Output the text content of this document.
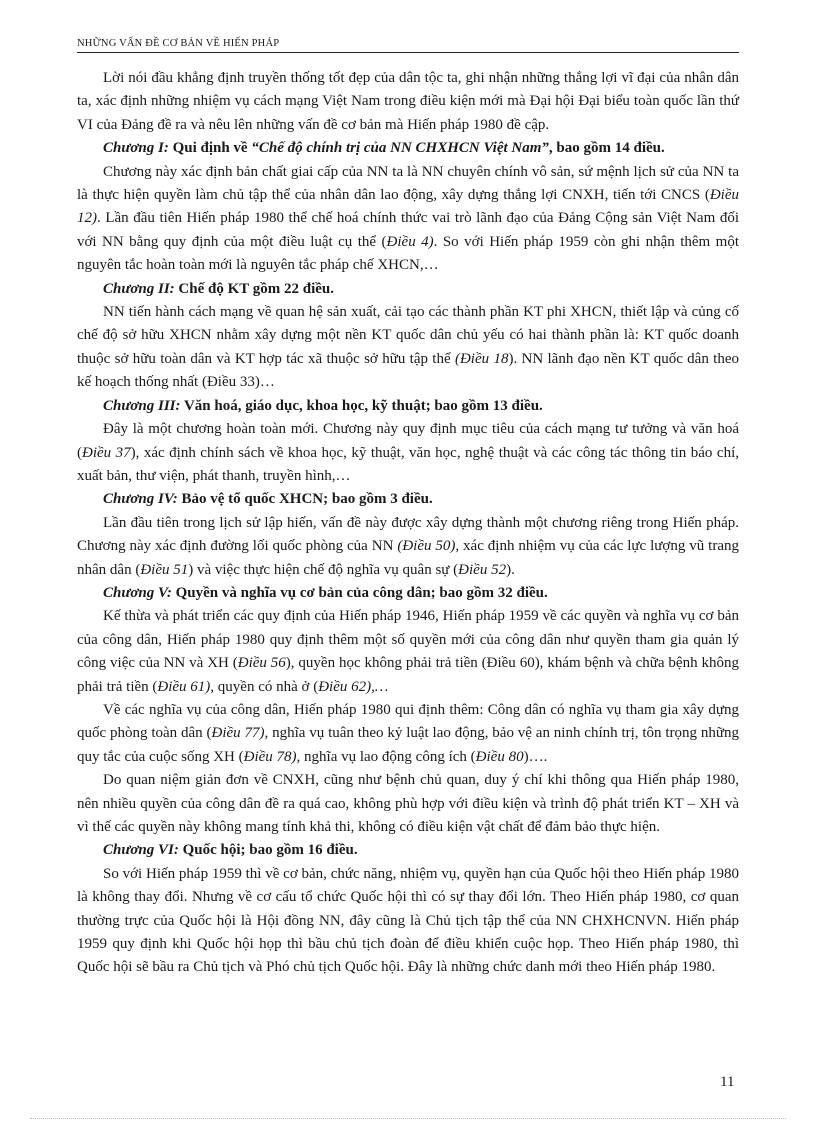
NHỮNG VẤN ĐỀ CƠ BẢN VỀ HIẾN PHÁP

Lời nói đầu khẳng định truyền thống tốt đẹp của dân tộc ta, ghi nhận những thắng lợi vĩ đại của nhân dân ta, xác định những nhiệm vụ cách mạng Việt Nam trong điều kiện mới mà Đại hội Đại biểu toàn quốc lần thứ VI của Đảng đề ra và nêu lên những vấn đề cơ bản mà Hiến pháp 1980 đề cập.

Chương I: Qui định về “Chế độ chính trị của NN CHXHCN Việt Nam”, bao gồm 14 điều.

Chương này xác định bản chất giai cấp của NN ta là NN chuyên chính vô sản, sứ mệnh lịch sử của NN ta là thực hiện quyền làm chủ tập thể của nhân dân lao động, xây dựng thắng lợi CNXH, tiến tới CNCS (Điều 12). Lần đầu tiên Hiến pháp 1980 thể chế hoá chính thức vai trò lãnh đạo của Đảng Cộng sản Việt Nam đối với NN bằng quy định của một điều luật cụ thể (Điều 4). So với Hiến pháp 1959 còn ghi nhận thêm một nguyên tắc hoàn toàn mới là nguyên tắc pháp chế XHCN,…

Chương II: Chế độ KT gồm 22 điều.

NN tiến hành cách mạng về quan hệ sản xuất, cải tạo các thành phần KT phi XHCN, thiết lập và củng cố chế độ sở hữu XHCN nhằm xây dựng một nền KT quốc dân chủ yếu có hai thành phần là: KT quốc doanh thuộc sở hữu toàn dân và KT hợp tác xã thuộc sở hữu tập thể (Điều 18). NN lãnh đạo nền KT quốc dân theo kế hoạch thống nhất (Điều 33)…

Chương III: Văn hoá, giáo dục, khoa học, kỹ thuật; bao gồm 13 điều.

Đây là một chương hoàn toàn mới. Chương này quy định mục tiêu của cách mạng tư tưởng và văn hoá (Điều 37), xác định chính sách về khoa học, kỹ thuật, văn học, nghệ thuật và các công tác thông tin báo chí, xuất bản, thư viện, phát thanh, truyền hình,…

Chương IV: Bảo vệ tổ quốc XHCN; bao gồm 3 điều.

Lần đầu tiên trong lịch sử lập hiến, vấn đề này được xây dựng thành một chương riêng trong Hiến pháp. Chương này xác định đường lối quốc phòng của NN (Điều 50), xác định nhiệm vụ của các lực lượng vũ trang nhân dân (Điều 51) và việc thực hiện chế độ nghĩa vụ quân sự (Điều 52).

Chương V: Quyền và nghĩa vụ cơ bản của công dân; bao gồm 32 điều.

Kế thừa và phát triển các quy định của Hiến pháp 1946, Hiến pháp 1959 về các quyền và nghĩa vụ cơ bản của công dân, Hiến pháp 1980 quy định thêm một số quyền mới của công dân như quyền tham gia quản lý công việc của NN và XH (Điều 56), quyền học không phải trả tiền (Điều 60), khám bệnh và chữa bệnh không phải trả tiền (Điều 61), quyền có nhà ở (Điều 62),…

Về các nghĩa vụ của công dân, Hiến pháp 1980 qui định thêm: Công dân có nghĩa vụ tham gia xây dựng quốc phòng toàn dân (Điều 77), nghĩa vụ tuân theo kỷ luật lao động, bảo vệ an ninh chính trị, tôn trọng những quy tắc của cuộc sống XH (Điều 78), nghĩa vụ lao động công ích (Điều 80)….

Do quan niệm giản đơn về CNXH, cũng như bệnh chủ quan, duy ý chí khi thông qua Hiến pháp 1980, nên nhiều quyền của công dân đề ra quá cao, không phù hợp với điều kiện và trình độ phát triển KT – XH và vì thế các quyền này không mang tính khả thi, không có điều kiện vật chất để đảm bảo thực hiện.

Chương VI: Quốc hội; bao gồm 16 điều.

So với Hiến pháp 1959 thì về cơ bản, chức năng, nhiệm vụ, quyền hạn của Quốc hội theo Hiến pháp 1980 là không thay đổi. Nhưng về cơ cấu tổ chức Quốc hội thì có sự thay đổi lớn. Theo Hiến pháp 1980, cơ quan thường trực của Quốc hội là Hội đồng NN, đây cũng là Chủ tịch tập thể của NN CHXHCNVN. Hiến pháp 1959 quy định khi Quốc hội họp thì bầu chủ tịch đoàn để điều khiển cuộc họp. Theo Hiến pháp 1980, thì Quốc hội sẽ bầu ra Chủ tịch và Phó chủ tịch Quốc hội. Đây là những chức danh mới theo Hiến pháp 1980.

11
